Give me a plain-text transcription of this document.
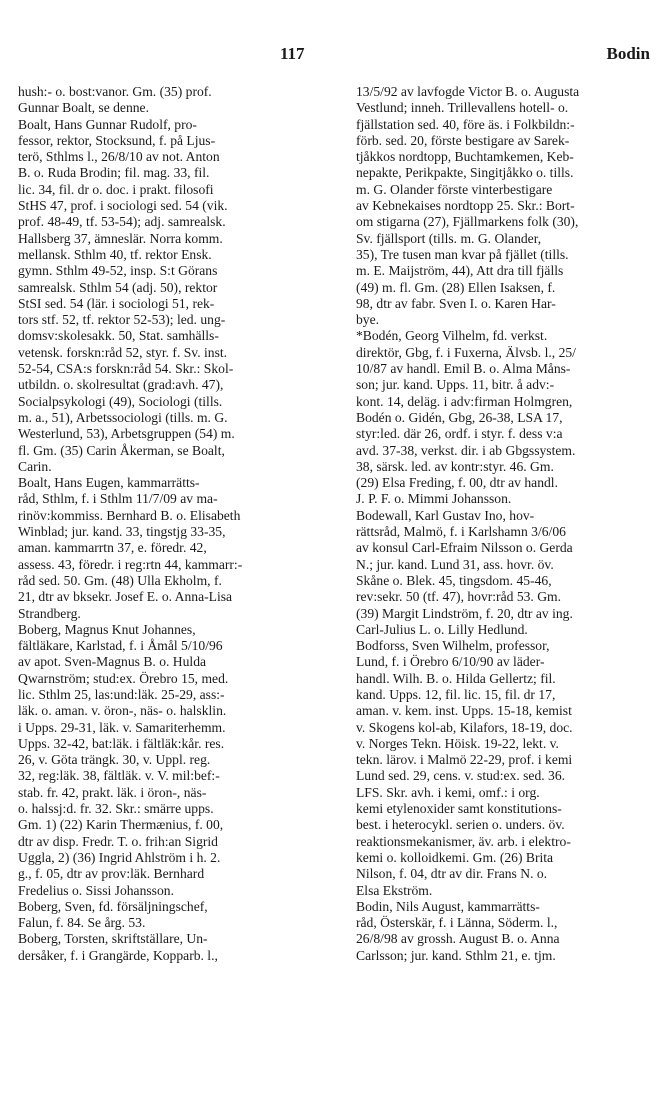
117	Bodin
hush:- o. bost:vanor. Gm. (35) prof.
Gunnar Boalt, se denne.
Boalt, Hans Gunnar Rudolf, pro-
fessor, rektor, Stocksund, f. på Ljus-
terö, Sthlms l., 26/8/10 av not. Anton
B. o. Ruda Brodin; fil. mag. 33, fil.
lic. 34, fil. dr o. doc. i prakt. filosofi
StHS 47, prof. i sociologi sed. 54 (vik.
prof. 48-49, tf. 53-54); adj. samrealsk.
Hallsberg 37, ämneslär. Norra komm.
mellansk. Sthlm 40, tf. rektor Ensk.
gymn. Sthlm 49-52, insp. S:t Görans
samrealsk. Sthlm 54 (adj. 50), rektor
StSI sed. 54 (lär. i sociologi 51, rek-
tors stf. 52, tf. rektor 52-53); led. ung-
domsv:skolesakk. 50, Stat. samhälls-
vetensk. forskn:råd 52, styr. f. Sv. inst.
52-54, CSA:s forskn:råd 54. Skr.: Skol-
utbildn. o. skolresultat (grad:avh. 47),
Socialpsykologi (49), Sociologi (tills.
m. a., 51), Arbetssociologi (tills. m. G.
Westerlund, 53), Arbetsgruppen (54) m.
fl. Gm. (35) Carin Åkerman, se Boalt,
Carin.
Boalt, Hans Eugen, kammarrätts-
råd, Sthlm, f. i Sthlm 11/7/09 av ma-
rinöv:kommiss. Bernhard B. o. Elisabeth
Winblad; jur. kand. 33, tingstjg 33-35,
aman. kammarrtn 37, e. föredr. 42,
assess. 43, föredr. i reg:rtn 44, kammarr:-
råd sed. 50. Gm. (48) Ulla Ekholm, f.
21, dtr av bksekr. Josef E. o. Anna-Lisa
Strandberg.
Boberg, Magnus Knut Johannes,
fältläkare, Karlstad, f. i Åmål 5/10/96
av apot. Sven-Magnus B. o. Hulda
Qwarnström; stud:ex. Örebro 15, med.
lic. Sthlm 25, las:und:läk. 25-29, ass:-
läk. o. aman. v. öron-, näs- o. halsklin.
i Upps. 29-31, läk. v. Samariterhemm.
Upps. 32-42, bat:läk. i fältläk:kår. res.
26, v. Göta trängk. 30, v. Uppl. reg.
32, reg:läk. 38, fältläk. v. V. mil:bef:-
stab. fr. 42, prakt. läk. i öron-, näs-
o. halssj:d. fr. 32. Skr.: smärre upps.
Gm. 1) (22) Karin Thermænius, f. 00,
dtr av disp. Fredr. T. o. frih:an Sigrid
Uggla, 2) (36) Ingrid Ahlström i h. 2.
g., f. 05, dtr av prov:läk. Bernhard
Fredelius o. Sissi Johansson.
Boberg, Sven, fd. försäljningschef,
Falun, f. 84. Se årg. 53.
Boberg, Torsten, skriftställare, Un-
dersåker, f. i Grangärde, Kopparb. l.,
13/5/92 av lavfogde Victor B. o. Augusta
Vestlund; inneh. Trillevallens hotell- o.
fjällstation sed. 40, före äs. i Folkbildn:-
förb. sed. 20, förste bestigare av Sarek-
tjåkkos nordtopp, Buchtamkemen, Keb-
nepakte, Perikpakte, Singitjåkko o. tills.
m. G. Olander förste vinterbestigare
av Kebnekaises nordtopp 25. Skr.: Bort-
om stigarna (27), Fjällmarkens folk (30),
Sv. fjällsport (tills. m. G. Olander,
35), Tre tusen man kvar på fjället (tills.
m. E. Maijström, 44), Att dra till fjälls
(49) m. fl. Gm. (28) Ellen Isaksen, f.
98, dtr av fabr. Sven I. o. Karen Har-
bye.
*Bodén, Georg Vilhelm, fd. verkst.
direktör, Gbg, f. i Fuxerna, Älvsb. l., 25/
10/87 av handl. Emil B. o. Alma Måns-
son; jur. kand. Upps. 11, bitr. å adv:-
kont. 14, deläg. i adv:firman Holmgren,
Bodén o. Gidén, Gbg, 26-38, LSA 17,
styr:led. där 26, ordf. i styr. f. dess v:a
avd. 37-38, verkst. dir. i ab Gbgssystem.
38, särsk. led. av kontr:styr. 46. Gm.
(29) Elsa Freding, f. 00, dtr av handl.
J. P. F. o. Mimmi Johansson.
Bodewall, Karl Gustav Ino, hov-
rättsråd, Malmö, f. i Karlshamn 3/6/06
av konsul Carl-Efraim Nilsson o. Gerda
N.; jur. kand. Lund 31, ass. hovr. öv.
Skåne o. Blek. 45, tingsdom. 45-46,
rev:sekr. 50 (tf. 47), hovr:råd 53. Gm.
(39) Margit Lindström, f. 20, dtr av ing.
Carl-Julius L. o. Lilly Hedlund.
Bodforss, Sven Wilhelm, professor,
Lund, f. i Örebro 6/10/90 av läder-
handl. Wilh. B. o. Hilda Gellertz; fil.
kand. Upps. 12, fil. lic. 15, fil. dr 17,
aman. v. kem. inst. Upps. 15-18, kemist
v. Skogens kol-ab, Kilafors, 18-19, doc.
v. Norges Tekn. Höisk. 19-22, lekt. v.
tekn. lärov. i Malmö 22-29, prof. i kemi
Lund sed. 29, cens. v. stud:ex. sed. 36.
LFS. Skr. avh. i kemi, omf.: i org.
kemi etylenoxider samt konstitutions-
best. i heterocykl. serien o. unders. öv.
reaktionsmekanismer, äv. arb. i elektro-
kemi o. kolloidkemi. Gm. (26) Brita
Nilson, f. 04, dtr av dir. Frans N. o.
Elsa Ekström.
Bodin, Nils August, kammarrätts-
råd, Österskär, f. i Länna, Söderm. l.,
26/8/98 av grossh. August B. o. Anna
Carlsson; jur. kand. Sthlm 21, e. tjm.
